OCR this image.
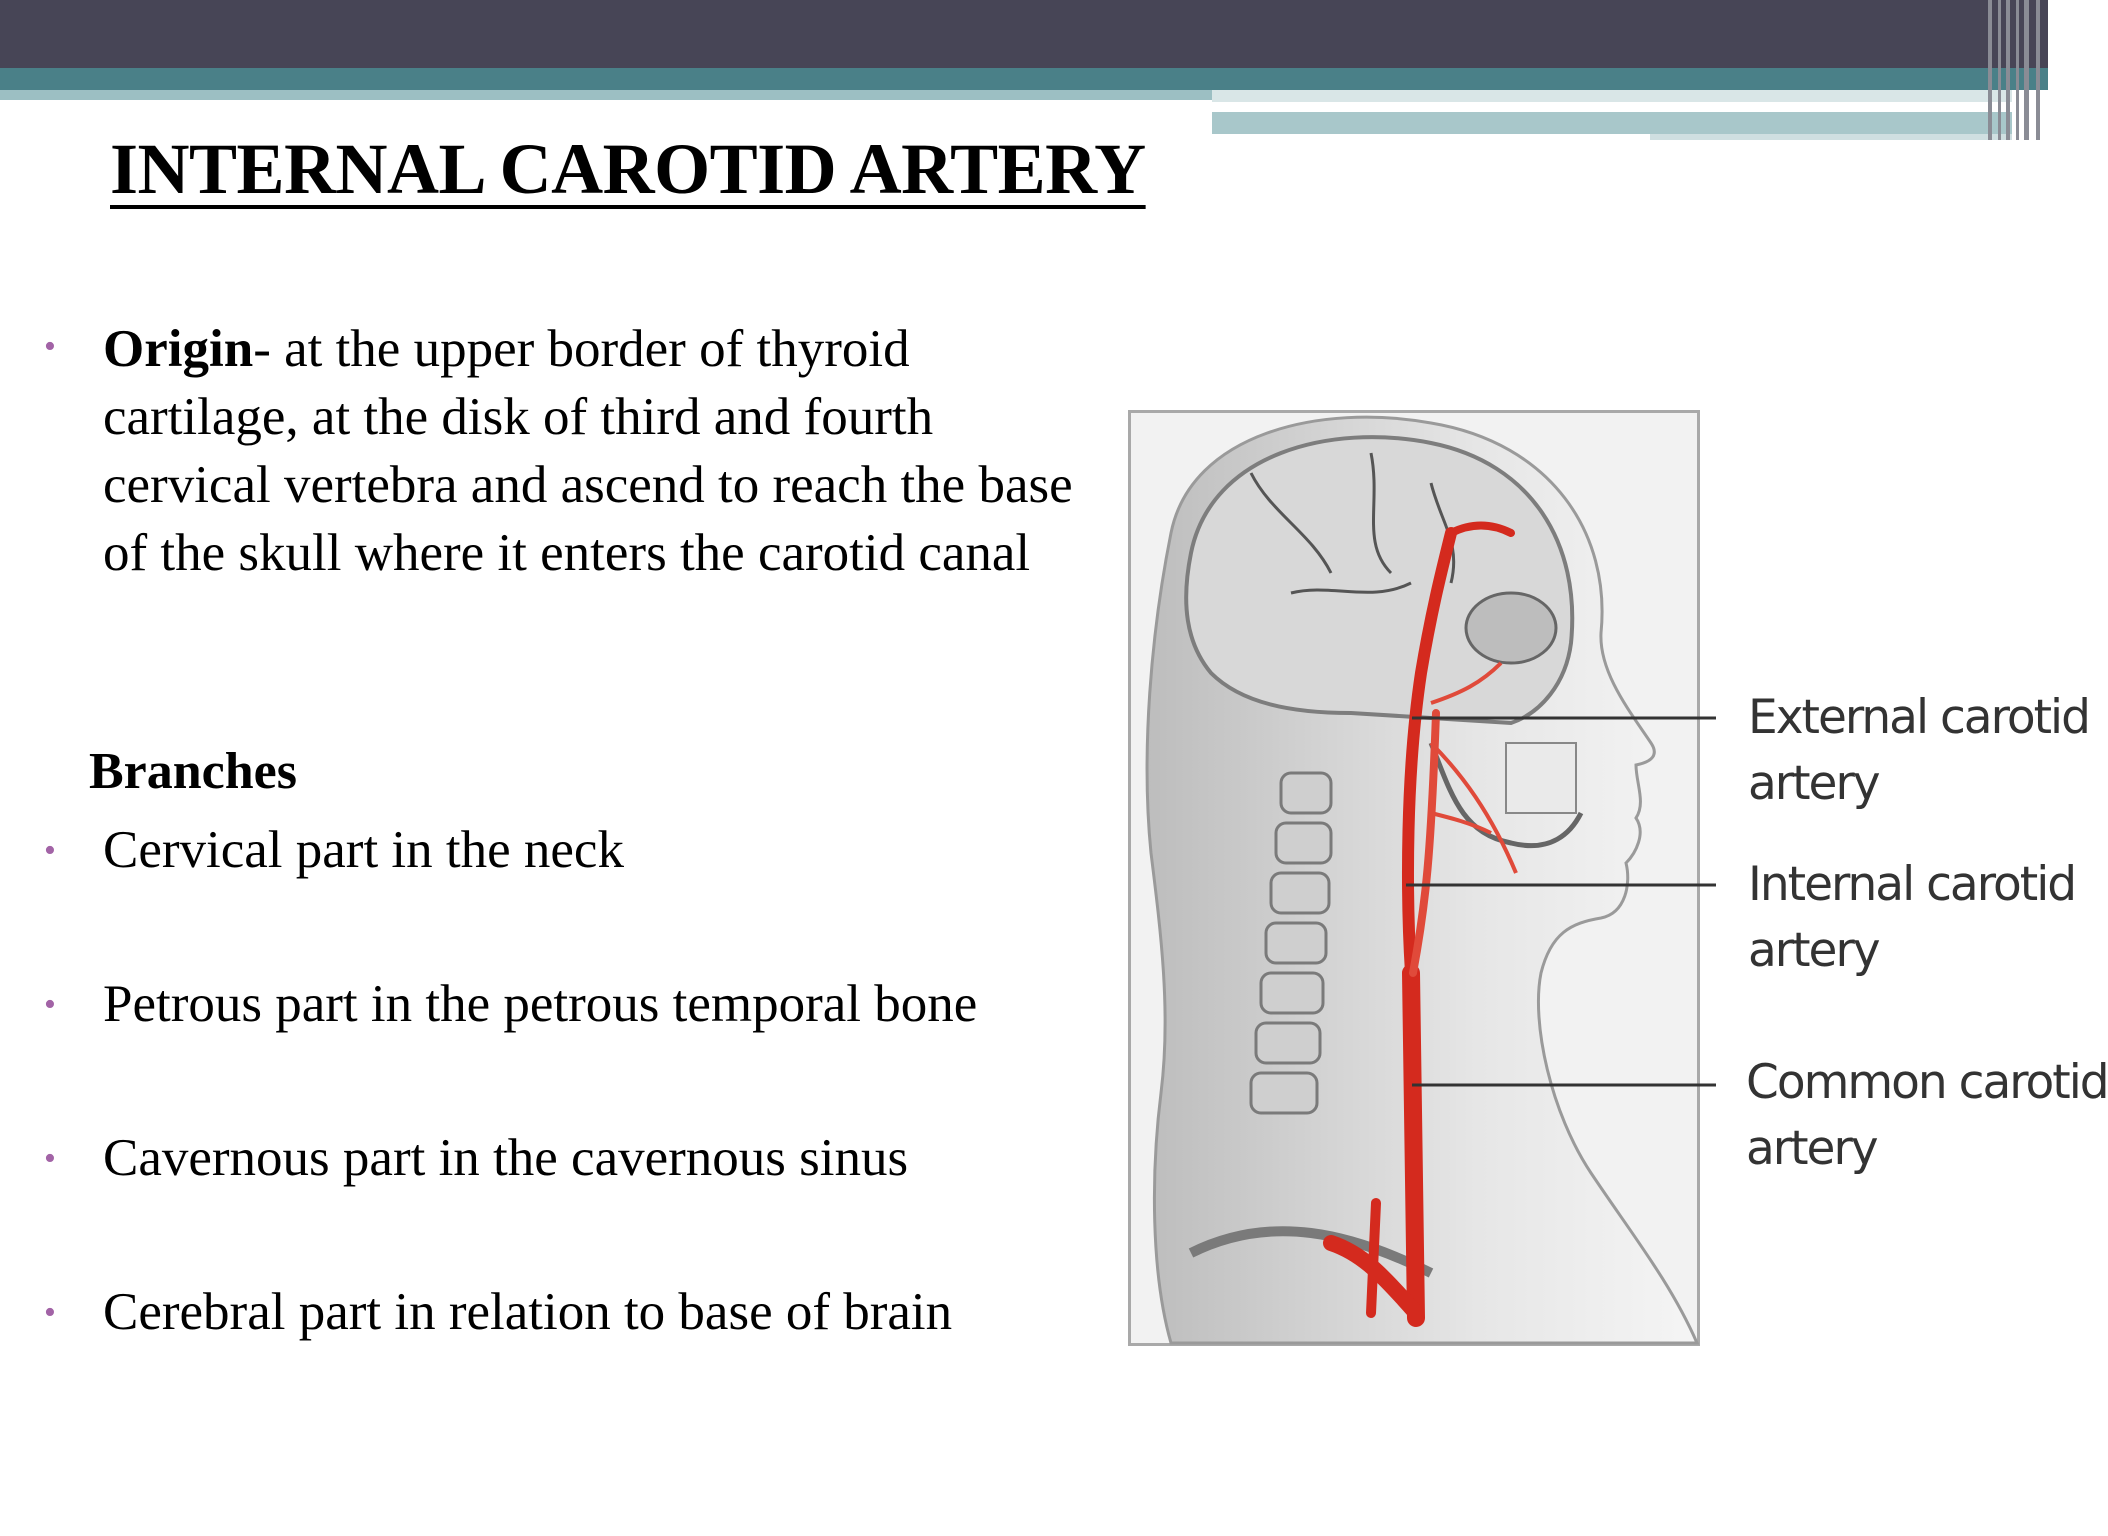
INTERNAL CAROTID ARTERY
• Origin- at the upper border of thyroid cartilage, at the disk of third and fourth cervical vertebra and ascend to reach the base of the skull where it enters the carotid canal
Branches
• Cervical part in the neck
• Petrous part in the petrous temporal bone
• Cavernous part in the cavernous sinus
• Cerebral part in relation to base of brain
External carotid
artery
Internal carotid
artery
Common carotid
artery
